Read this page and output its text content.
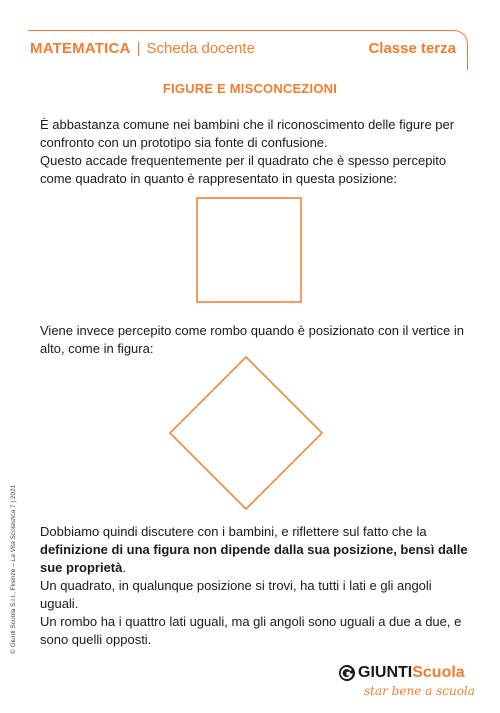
MATEMATICA | Scheda docente	Classe terza
FIGURE E MISCONCEZIONI
È abbastanza comune nei bambini che il riconoscimento delle figure per confronto con un prototipo sia fonte di confusione.
Questo accade frequentemente per il quadrato che è spesso percepito come quadrato in quanto è rappresentato in questa posizione:
Viene invece percepito come rombo quando è posizionato con il vertice in alto, come in figura:
Dobbiamo quindi discutere con i bambini, e riflettere sul fatto che la definizione di una figura non dipende dalla sua posizione, bensì dalle sue proprietà.
Un quadrato, in qualunque posizione si trovi, ha tutti i lati e gli angoli uguali.
Un rombo ha i quattro lati uguali, ma gli angoli sono uguali a due a due, e sono quelli opposti.
© Giunti Scuola S.r.l., Firenze – La Vita Scolastica 7 | 2021
GIUNTIScuola
star bene a scuola
